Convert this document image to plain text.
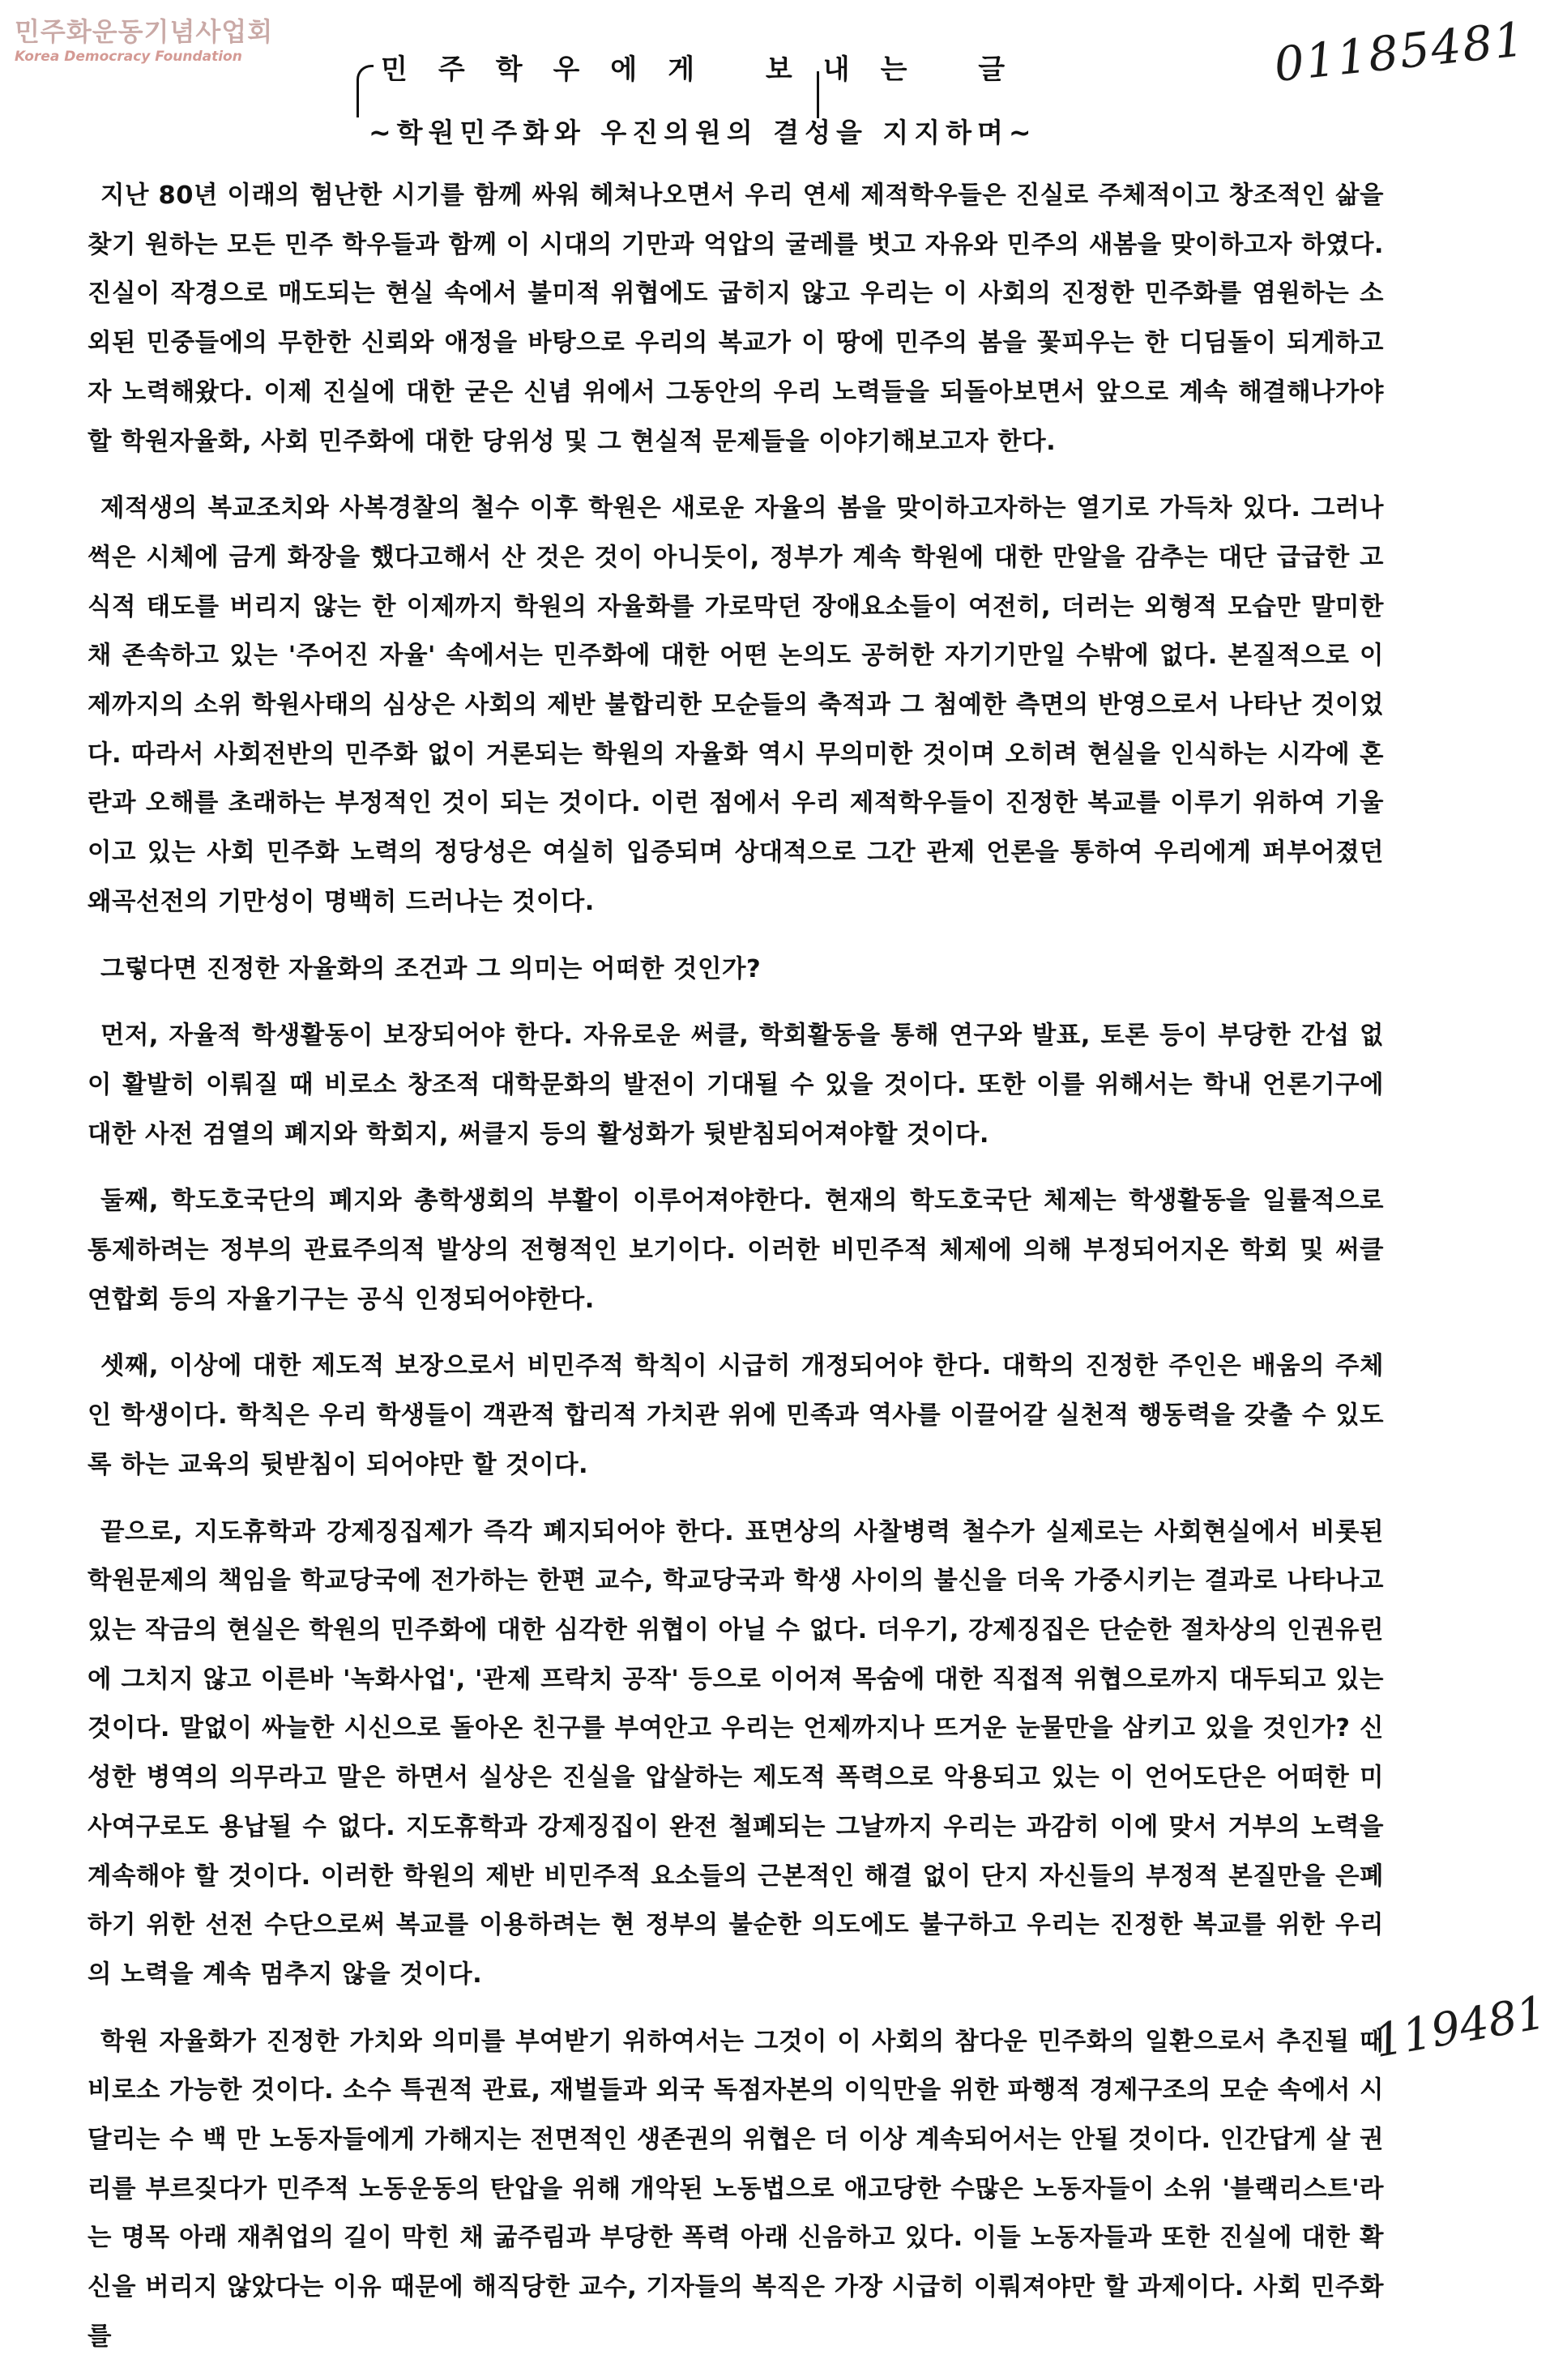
민주화운동기념사업회
Korea Democracy Foundation	01185481
민주학우에게 보내는 글
~학원민주화와 우진의원의 결성을 지지하며~

지난 80년 이래의 험난한 시기를 함께 싸워 헤쳐나오면서 우리 연세 제적학우들은 진실로 주체적이고 창조적인 삶을 찾기 원하는 모든 민주 학우들과 함께 이 시대의 기만과 억압의 굴레를 벗고 자유와 민주의 새봄을 맞이하고자 하였다. 진실이 작경으로 매도되는 현실 속에서 불미적 위협에도 굽히지 않고 우리는 이 사회의 진정한 민주화를 염원하는 소외된 민중들에의 무한한 신뢰와 애정을 바탕으로 우리의 복교가 이 땅에 민주의 봄을 꽃피우는 한 디딤돌이 되게하고자 노력해왔다. 이제 진실에 대한 굳은 신념 위에서 그동안의 우리 노력들을 되돌아보면서 앞으로 계속 해결해나가야 할 학원자율화, 사회 민주화에 대한 당위성 및 그 현실적 문제들을 이야기해보고자 한다.

제적생의 복교조치와 사복경찰의 철수 이후 학원은 새로운 자율의 봄을 맞이하고자하는 열기로 가득차 있다. 그러나 썩은 시체에 금게 화장을 했다고해서 산 것은 것이 아니듯이, 정부가 계속 학원에 대한 만알을 감추는 대단 급급한 고식적 태도를 버리지 않는 한 이제까지 학원의 자율화를 가로막던 장애요소들이 여전히, 더러는 외형적 모습만 말미한 채 존속하고 있는 '주어진 자율' 속에서는 민주화에 대한 어떤 논의도 공허한 자기기만일 수밖에 없다. 본질적으로 이제까지의 소위 학원사태의 심상은 사회의 제반 불합리한 모순들의 축적과 그 첨예한 측면의 반영으로서 나타난 것이었다. 따라서 사회전반의 민주화 없이 거론되는 학원의 자율화 역시 무의미한 것이며 오히려 현실을 인식하는 시각에 혼란과 오해를 초래하는 부정적인 것이 되는 것이다. 이런 점에서 우리 제적학우들이 진정한 복교를 이루기 위하여 기울이고 있는 사회 민주화 노력의 정당성은 여실히 입증되며 상대적으로 그간 관제 언론을 통하여 우리에게 퍼부어졌던 왜곡선전의 기만성이 명백히 드러나는 것이다.

그렇다면 진정한 자율화의 조건과 그 의미는 어떠한 것인가?

먼저, 자율적 학생활동이 보장되어야 한다. 자유로운 써클, 학회활동을 통해 연구와 발표, 토론 등이 부당한 간섭 없이 활발히 이뤄질 때 비로소 창조적 대학문화의 발전이 기대될 수 있을 것이다. 또한 이를 위해서는 학내 언론기구에 대한 사전 검열의 폐지와 학회지, 써클지 등의 활성화가 뒷받침되어져야할 것이다.

둘째, 학도호국단의 폐지와 총학생회의 부활이 이루어져야한다. 현재의 학도호국단 체제는 학생활동을 일률적으로 통제하려는 정부의 관료주의적 발상의 전형적인 보기이다. 이러한 비민주적 체제에 의해 부정되어지온 학회 및 써클 연합회 등의 자율기구는 공식 인정되어야한다.

셋째, 이상에 대한 제도적 보장으로서 비민주적 학칙이 시급히 개정되어야 한다. 대학의 진정한 주인은 배움의 주체인 학생이다. 학칙은 우리 학생들이 객관적 합리적 가치관 위에 민족과 역사를 이끌어갈 실천적 행동력을 갖출 수 있도록 하는 교육의 뒷받침이 되어야만 할 것이다.

끝으로, 지도휴학과 강제징집제가 즉각 폐지되어야 한다. 표면상의 사찰병력 철수가 실제로는 사회현실에서 비롯된 학원문제의 책임을 학교당국에 전가하는 한편 교수, 학교당국과 학생 사이의 불신을 더욱 가중시키는 결과로 나타나고 있는 작금의 현실은 학원의 민주화에 대한 심각한 위협이 아닐 수 없다. 더우기, 강제징집은 단순한 절차상의 인권유린에 그치지 않고 이른바 '녹화사업', '관제 프락치 공작' 등으로 이어져 목숨에 대한 직접적 위협으로까지 대두되고 있는 것이다. 말없이 싸늘한 시신으로 돌아온 친구를 부여안고 우리는 언제까지나 뜨거운 눈물만을 삼키고 있을 것인가? 신성한 병역의 의무라고 말은 하면서 실상은 진실을 압살하는 제도적 폭력으로 악용되고 있는 이 언어도단은 어떠한 미사여구로도 용납될 수 없다. 지도휴학과 강제징집이 완전 철폐되는 그날까지 우리는 과감히 이에 맞서 거부의 노력을 계속해야 할 것이다. 이러한 학원의 제반 비민주적 요소들의 근본적인 해결 없이 단지 자신들의 부정적 본질만을 은폐하기 위한 선전 수단으로써 복교를 이용하려는 현 정부의 불순한 의도에도 불구하고 우리는 진정한 복교를 위한 우리의 노력을 계속 멈추지 않을 것이다.

학원 자율화가 진정한 가치와 의미를 부여받기 위하여서는 그것이 이 사회의 참다운 민주화의 일환으로서 추진될 때 비로소 가능한 것이다. 소수 특권적 관료, 재벌들과 외국 독점자본의 이익만을 위한 파행적 경제구조의 모순 속에서 시달리는 수 백 만 노동자들에게 가해지는 전면적인 생존권의 위협은 더 이상 계속되어서는 안될 것이다. 인간답게 살 권리를 부르짖다가 민주적 노동운동의 탄압을 위해 개악된 노동법으로 애고당한 수많은 노동자들이 소위 '블랙리스트'라는 명목 아래 재취업의 길이 막힌 채 굶주림과 부당한 폭력 아래 신음하고 있다. 이들 노동자들과 또한 진실에 대한 확신을 버리지 않았다는 이유 때문에 해직당한 교수, 기자들의 복직은 가장 시급히 이뤄져야만 할 과제이다. 사회 민주화를

119481
